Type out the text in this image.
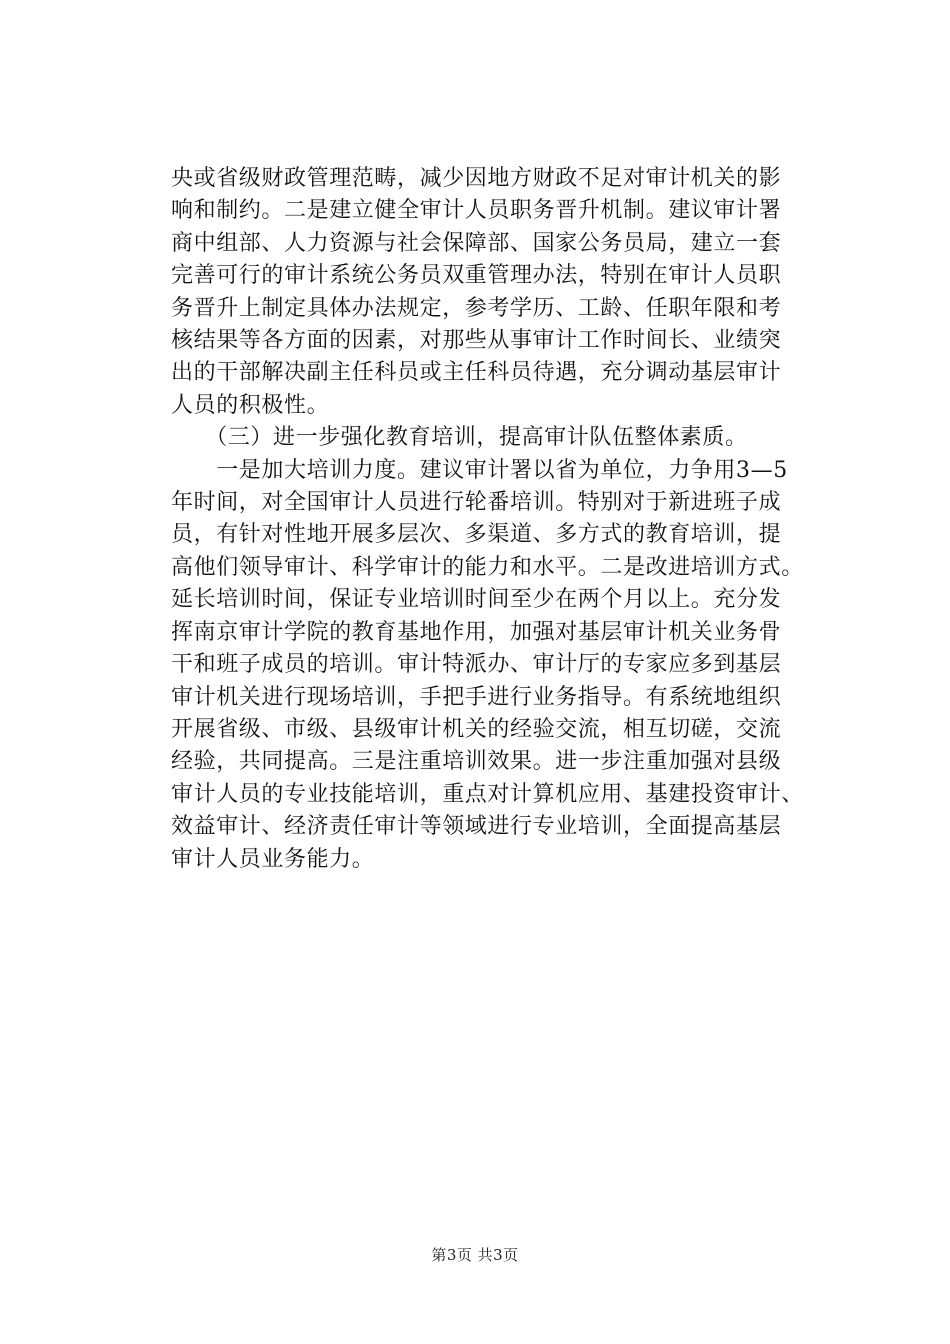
央或省级财政管理范畴，减少因地方财政不足对审计机关的影
响和制约。二是建立健全审计人员职务晋升机制。建议审计署
商中组部、人力资源与社会保障部、国家公务员局，建立一套
完善可行的审计系统公务员双重管理办法，特别在审计人员职
务晋升上制定具体办法规定，参考学历、工龄、任职年限和考
核结果等各方面的因素，对那些从事审计工作时间长、业绩突
出的干部解决副主任科员或主任科员待遇，充分调动基层审计
人员的积极性。
　　（三）进一步强化教育培训，提高审计队伍整体素质。
　　一是加大培训力度。建议审计署以省为单位，力争用3—5
年时间，对全国审计人员进行轮番培训。特别对于新进班子成
员，有针对性地开展多层次、多渠道、多方式的教育培训，提
高他们领导审计、科学审计的能力和水平。二是改进培训方式。
延长培训时间，保证专业培训时间至少在两个月以上。充分发
挥南京审计学院的教育基地作用，加强对基层审计机关业务骨
干和班子成员的培训。审计特派办、审计厅的专家应多到基层
审计机关进行现场培训，手把手进行业务指导。有系统地组织
开展省级、市级、县级审计机关的经验交流，相互切磋，交流
经验，共同提高。三是注重培训效果。进一步注重加强对县级
审计人员的专业技能培训，重点对计算机应用、基建投资审计、
效益审计、经济责任审计等领域进行专业培训，全面提高基层
审计人员业务能力。
第3页 共3页
